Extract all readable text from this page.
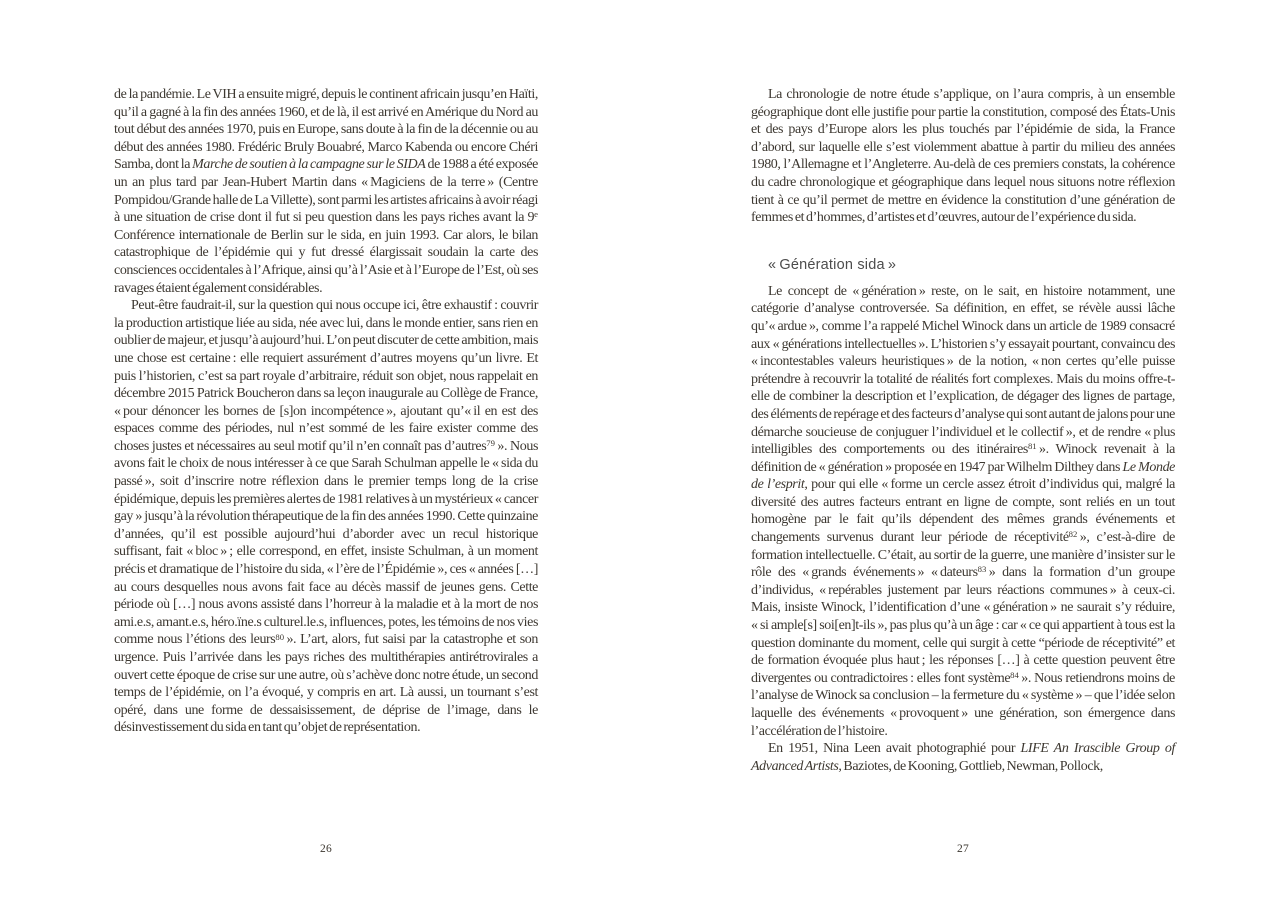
de la pandémie. Le VIH a ensuite migré, depuis le continent africain jusqu’en Haïti, qu’il a gagné à la fin des années 1960, et de là, il est arrivé en Amérique du Nord au tout début des années 1970, puis en Europe, sans doute à la fin de la décennie ou au début des années 1980. Frédéric Bruly Bouabré, Marco Kabenda ou encore Chéri Samba, dont la Marche de soutien à la campagne sur le SIDA de 1988 a été exposée un an plus tard par Jean-Hubert Martin dans « Magiciens de la terre » (Centre Pompidou/Grande halle de La Villette), sont parmi les artistes africains à avoir réagi à une situation de crise dont il fut si peu question dans les pays riches avant la 9e Conférence internationale de Berlin sur le sida, en juin 1993. Car alors, le bilan catastrophique de l’épidémie qui y fut dressé élargissait soudain la carte des consciences occidentales à l’Afrique, ainsi qu’à l’Asie et à l’Europe de l’Est, où ses ravages étaient également considérables.

Peut-être faudrait-il, sur la question qui nous occupe ici, être exhaustif : couvrir la production artistique liée au sida, née avec lui, dans le monde entier, sans rien en oublier de majeur, et jusqu’à aujourd’hui. L’on peut discuter de cette ambition, mais une chose est certaine : elle requiert assurément d’autres moyens qu’un livre. Et puis l’historien, c’est sa part royale d’arbitraire, réduit son objet, nous rappelait en décembre 2015 Patrick Boucheron dans sa leçon inaugurale au Collège de France, « pour dénoncer les bornes de [s]on incompétence », ajoutant qu’« il en est des espaces comme des périodes, nul n’est sommé de les faire exister comme des choses justes et nécessaires au seul motif qu’il n’en connaît pas d’autres$^{79}$ ». Nous avons fait le choix de nous intéresser à ce que Sarah Schulman appelle le « sida du passé », soit d’inscrire notre réflexion dans le premier temps long de la crise épidémique, depuis les premières alertes de 1981 relatives à un mystérieux « cancer gay » jusqu’à la révolution thérapeutique de la fin des années 1990. Cette quinzaine d’années, qu’il est possible aujourd’hui d’aborder avec un recul historique suffisant, fait « bloc » ; elle correspond, en effet, insiste Schulman, à un moment précis et dramatique de l’histoire du sida, « l’ère de l’Épidémie », ces « années […] au cours desquelles nous avons fait face au décès massif de jeunes gens. Cette période où […] nous avons assisté dans l’horreur à la maladie et à la mort de nos ami.e.s, amant.e.s, héro.ïne.s culturel.le.s, influences, potes, les témoins de nos vies comme nous l’étions des leurs$^{80}$ ». L’art, alors, fut saisi par la catastrophe et son urgence. Puis l’arrivée dans les pays riches des multithérapies antirétrovirales a ouvert cette époque de crise sur une autre, où s’achève donc notre étude, un second temps de l’épidémie, on l’a évoqué, y compris en art. Là aussi, un tournant s’est opéré, dans une forme de dessaisissement, de déprise de l’image, dans le désinvestissement du sida en tant qu’objet de représentation.

26

La chronologie de notre étude s’applique, on l’aura compris, à un ensemble géographique dont elle justifie pour partie la constitution, composé des États-Unis et des pays d’Europe alors les plus touchés par l’épidémie de sida, la France d’abord, sur laquelle elle s’est violemment abattue à partir du milieu des années 1980, l’Allemagne et l’Angleterre. Au-delà de ces premiers constats, la cohérence du cadre chronologique et géographique dans lequel nous situons notre réflexion tient à ce qu’il permet de mettre en évidence la constitution d’une génération de femmes et d’hommes, d’artistes et d’œuvres, autour de l’expérience du sida.

« Génération sida »

Le concept de « génération » reste, on le sait, en histoire notamment, une catégorie d’analyse controversée. Sa définition, en effet, se révèle aussi lâche qu’« ardue », comme l’a rappelé Michel Winock dans un article de 1989 consacré aux « générations intellectuelles ». L’historien s’y essayait pourtant, convaincu des « incontestables valeurs heuristiques » de la notion, « non certes qu’elle puisse prétendre à recouvrir la totalité de réalités fort complexes. Mais du moins offre-t-elle de combiner la description et l’explication, de dégager des lignes de partage, des éléments de repérage et des facteurs d’analyse qui sont autant de jalons pour une démarche soucieuse de conjuguer l’individuel et le collectif », et de rendre « plus intelligibles des comportements ou des itinéraires$^{81}$ ». Winock revenait à la définition de « génération » proposée en 1947 par Wilhelm Dilthey dans Le Monde de l’esprit, pour qui elle « forme un cercle assez étroit d’individus qui, malgré la diversité des autres facteurs entrant en ligne de compte, sont reliés en un tout homogène par le fait qu’ils dépendent des mêmes grands événements et changements survenus durant leur période de réceptivité$^{82}$ », c’est-à-dire de formation intellectuelle. C’était, au sortir de la guerre, une manière d’insister sur le rôle des « grands événements » « dateurs$^{83}$ » dans la formation d’un groupe d’individus, « repérables justement par leurs réactions communes » à ceux-ci. Mais, insiste Winock, l’identification d’une « génération » ne saurait s’y réduire, « si ample[s] soi[en]t-ils », pas plus qu’à un âge : car « ce qui appartient à tous est la question dominante du moment, celle qui surgit à cette “période de réceptivité” et de formation évoquée plus haut ; les réponses […] à cette question peuvent être divergentes ou contradictoires : elles font système$^{84}$ ». Nous retiendrons moins de l’analyse de Winock sa conclusion – la fermeture du « système » – que l’idée selon laquelle des événements « provoquent » une génération, son émergence dans l’accélération de l’histoire.

En 1951, Nina Leen avait photographié pour LIFE An Irascible Group of Advanced Artists, Baziotes, de Kooning, Gottlieb, Newman, Pollock,

27
